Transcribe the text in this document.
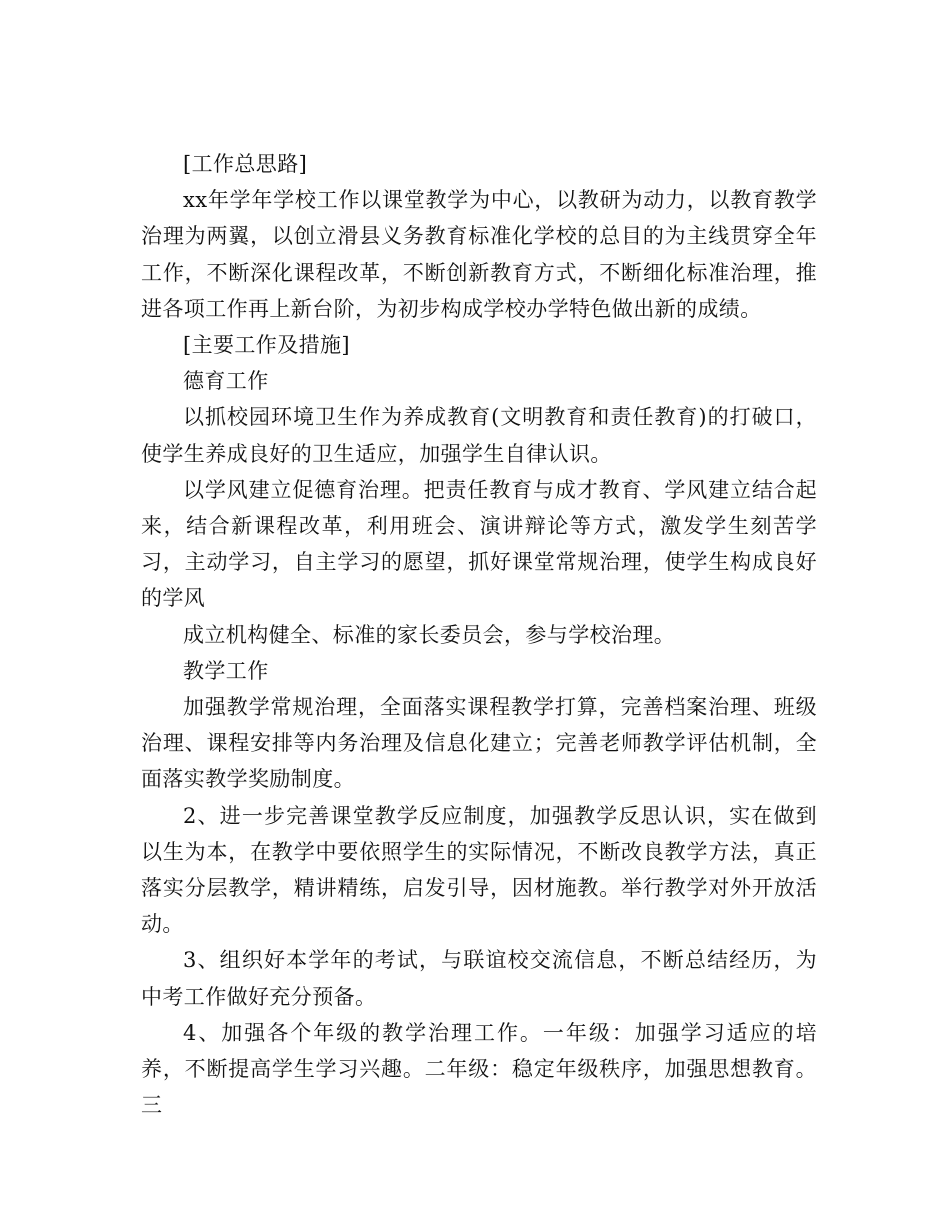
[工作总思路]

xx年学年学校工作以课堂教学为中心，以教研为动力，以教育教学治理为两翼，以创立滑县义务教育标准化学校的总目的为主线贯穿全年工作，不断深化课程改革，不断创新教育方式，不断细化标准治理，推进各项工作再上新台阶，为初步构成学校办学特色做出新的成绩。

[主要工作及措施]

德育工作

以抓校园环境卫生作为养成教育(文明教育和责任教育)的打破口，使学生养成良好的卫生适应，加强学生自律认识。

以学风建立促德育治理。把责任教育与成才教育、学风建立结合起来，结合新课程改革，利用班会、演讲辩论等方式，激发学生刻苦学习，主动学习，自主学习的愿望，抓好课堂常规治理，使学生构成良好的学风

成立机构健全、标准的家长委员会，参与学校治理。

教学工作

加强教学常规治理，全面落实课程教学打算，完善档案治理、班级治理、课程安排等内务治理及信息化建立；完善老师教学评估机制，全面落实教学奖励制度。

2、进一步完善课堂教学反应制度，加强教学反思认识，实在做到以生为本，在教学中要依照学生的实际情况，不断改良教学方法，真正落实分层教学，精讲精练，启发引导，因材施教。举行教学对外开放活动。

3、组织好本学年的考试，与联谊校交流信息，不断总结经历，为中考工作做好充分预备。

4、加强各个年级的教学治理工作。一年级：加强学习适应的培养，不断提高学生学习兴趣。二年级：稳定年级秩序，加强思想教育。三
